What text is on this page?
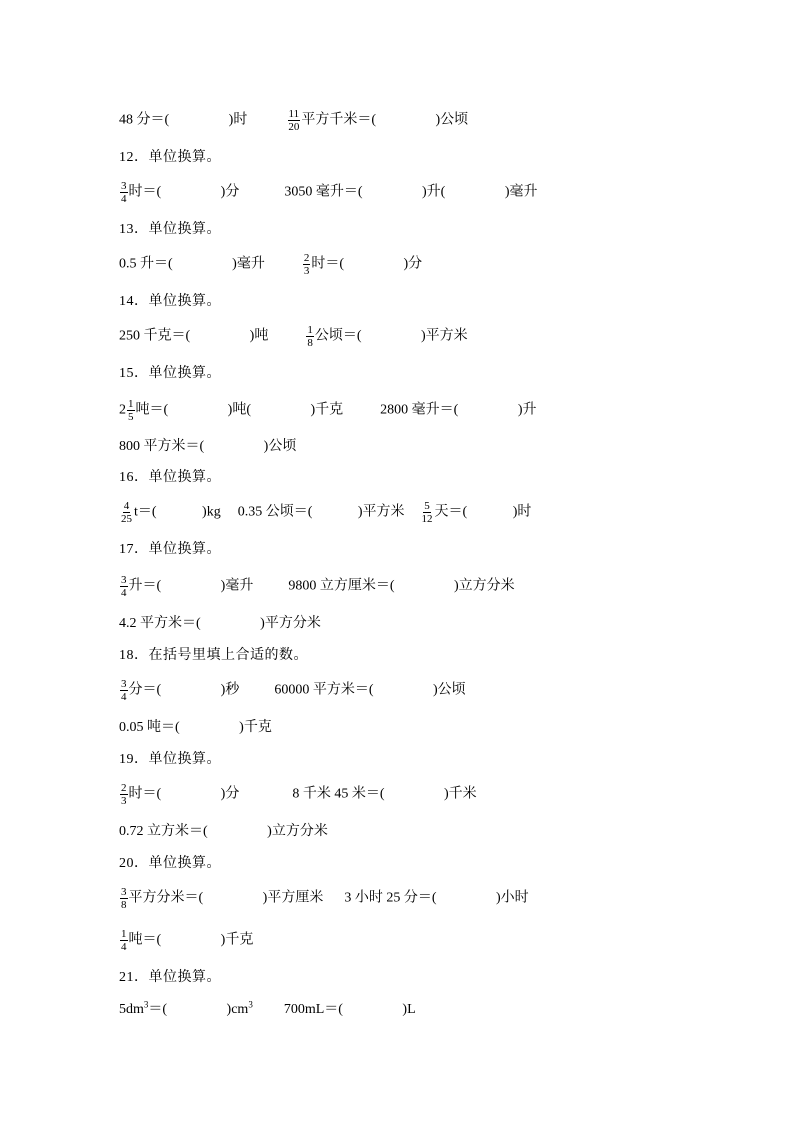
48 分＝(　　　　 )时	$\frac{11}{20}$ 平方千米＝(　　　　 )公顷
12．单位换算。
$\frac{3}{4}$ 时＝(　　　　 )分	3050 毫升＝(　　　　 )升(　　　　 )毫升
13．单位换算。
0.5 升＝(　　　　 )毫升	$\frac{2}{3}$ 时＝(　　　　 )分
14．单位换算。
250 千克＝(　　　　 )吨	$\frac{1}{8}$ 公顷＝(　　　　 )平方米
15．单位换算。
$2 \frac{1}{5}$ 吨＝(　　　　 )吨(　　　　 )千克	2800 毫升＝(　　　　 )升
800 平方米＝(　　　　 )公顷
16．单位换算。
$\frac{4}{25} t=$(　　　 )kg 0.35 公顷＝(　　　 )平方米 $\frac{5}{12}$ 天＝(　　　 )时
17．单位换算。
$\frac{3}{4}$ 升＝(　　　　 )毫升	9800 立方厘米＝(　　　　 )立方分米
4.2 平方米＝(　　　　 )平方分米
18．在括号里填上合适的数。
$\frac{3}{4}$ 分＝(　　　　 )秒	60000 平方米＝(　　　　 )公顷
0.05 吨＝(　　　　 )千克
19．单位换算。
$\frac{2}{3}$ 时＝(　　　　 )分	8 千米 45 米＝(　　　　 )千米
0.72 立方米＝(　　　　 )立方分米
20．单位换算。
$\frac{3}{8}$ 平方分米＝(　　　　 )平方厘米 3 小时 25 分＝(　　　　 )小时
$\frac{1}{4}$ 吨＝(　　　　 )千克
21．单位换算。
$5dm^3=$(　　　　 )$cm^3$ 700mL＝(　　　　 )L
